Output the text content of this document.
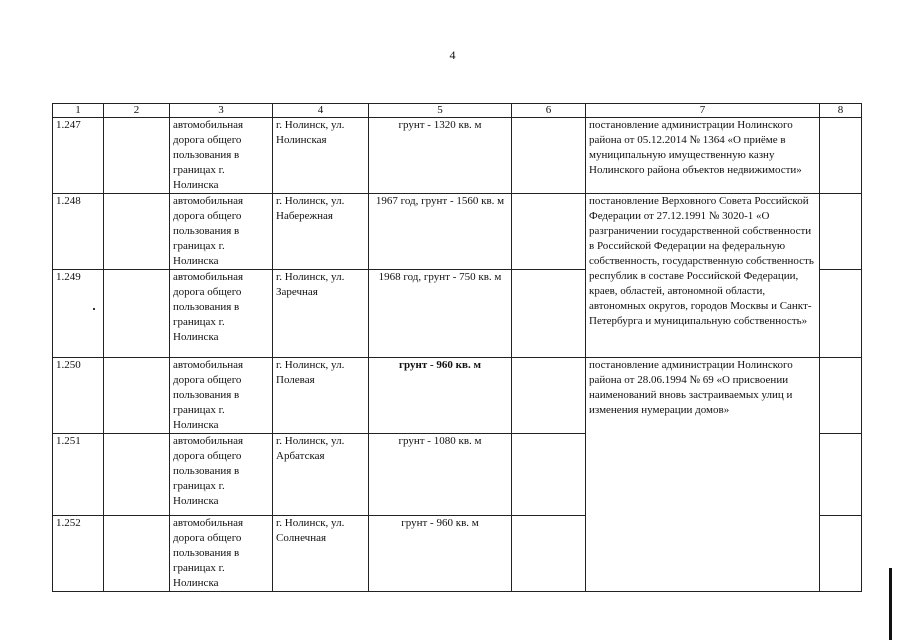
4
1	2	3	4	5	6	7	8
1.247		автомобильная дорога общего пользования в границах г. Нолинска	г. Нолинск, ул. Нолинская	грунт - 1320 кв. м		постановление администрации Нолинского района от 05.12.2014 № 1364 «О приёме в муниципальную имущественную казну Нолинского района объектов недвижимости»	
1.248		автомобильная дорога общего пользования в границах г. Нолинска	г. Нолинск, ул. Набережная	1967 год, грунт - 1560 кв. м		постановление Верховного Совета Российской Федерации от 27.12.1991 № 3020-1 «О разграничении государственной собственности в Российской Федерации на федеральную собственность, государственную собственность республик в составе Российской Федерации, краев, областей, автономной области, автономных округов, городов Москвы и Санкт- Петербурга и муниципальную собственность»	
1.249		автомобильная дорога общего пользования в границах г. Нолинска	г. Нолинск, ул. Заречная	1968 год, грунт - 750 кв. м			
1.250		автомобильная дорога общего пользования в границах г. Нолинска	г. Нолинск, ул. Полевая	грунт - 960 кв. м		постановление администрации Нолинского района от 28.06.1994 № 69 «О присвоении наименований вновь застраиваемых улиц и изменения нумерации домов»	
1.251		автомобильная дорога общего пользования в границах г. Нолинска	г. Нолинск, ул. Арбатская	грунт - 1080 кв. м			
1.252		автомобильная дорога общего пользования в границах г. Нолинска	г. Нолинск, ул. Солнечная	грунт - 960 кв. м			
